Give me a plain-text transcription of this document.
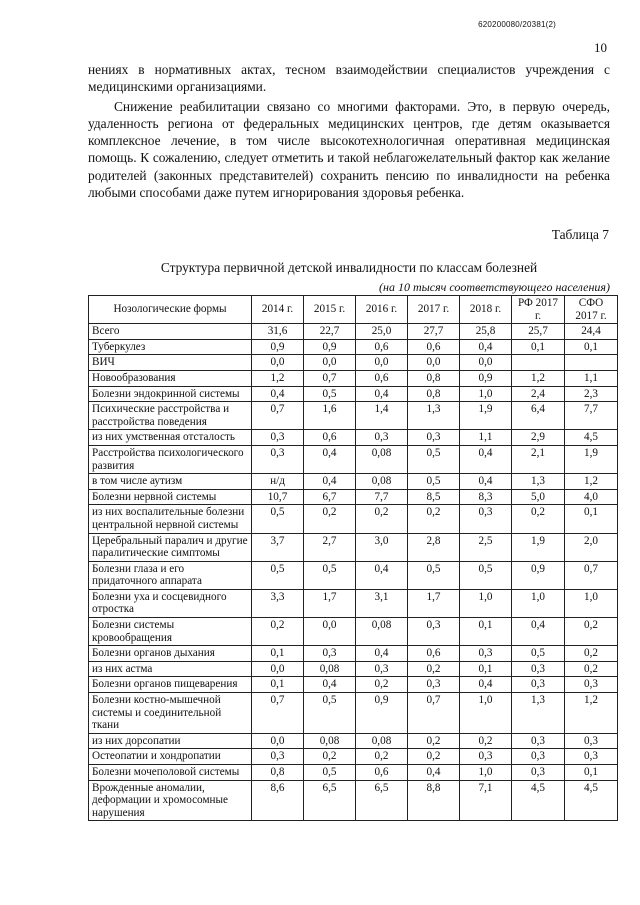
620200080/20381(2)
10

нениях в нормативных актах, тесном взаимодействии специалистов учреждения с медицинскими организациями.

Снижение реабилитации связано со многими факторами. Это, в первую очередь, удаленность региона от федеральных медицинских центров, где детям оказывается комплексное лечение, в том числе высокотехнологичная оперативная медицинская помощь. К сожалению, следует отметить и такой неблагожелательный фактор как желание родителей (законных представителей) сохранить пенсию по инвалидности на ребенка любыми способами даже путем игнорирования здоровья ребенка.

Таблица 7
Структура первичной детской инвалидности по классам болезней
(на 10 тысяч соответствующего населения)
Нозологические формы	2014 г.	2015 г.	2016 г.	2017 г.	2018 г.	РФ 2017 г.	СФО 2017 г.
Всего	31,6	22,7	25,0	27,7	25,8	25,7	24,4
Туберкулез	0,9	0,9	0,6	0,6	0,4	0,1	0,1
ВИЧ	0,0	0,0	0,0	0,0	0,0		
Новообразования	1,2	0,7	0,6	0,8	0,9	1,2	1,1
Болезни эндокринной системы	0,4	0,5	0,4	0,8	1,0	2,4	2,3
Психические расстройства и расстройства поведения	0,7	1,6	1,4	1,3	1,9	6,4	7,7
из них умственная отсталость	0,3	0,6	0,3	0,3	1,1	2,9	4,5
Расстройства психологического развития	0,3	0,4	0,08	0,5	0,4	2,1	1,9
в том числе аутизм	н/д	0,4	0,08	0,5	0,4	1,3	1,2
Болезни нервной системы	10,7	6,7	7,7	8,5	8,3	5,0	4,0
из них воспалительные болезни центральной нервной системы	0,5	0,2	0,2	0,2	0,3	0,2	0,1
Церебральный паралич и другие паралитические симптомы	3,7	2,7	3,0	2,8	2,5	1,9	2,0
Болезни глаза и его придаточного аппарата	0,5	0,5	0,4	0,5	0,5	0,9	0,7
Болезни уха и сосцевидного отростка	3,3	1,7	3,1	1,7	1,0	1,0	1,0
Болезни системы кровообращения	0,2	0,0	0,08	0,3	0,1	0,4	0,2
Болезни органов дыхания	0,1	0,3	0,4	0,6	0,3	0,5	0,2
из них астма	0,0	0,08	0,3	0,2	0,1	0,3	0,2
Болезни органов пищеварения	0,1	0,4	0,2	0,3	0,4	0,3	0,3
Болезни костно-мышечной системы и соединительной ткани	0,7	0,5	0,9	0,7	1,0	1,3	1,2
из них дорсопатии	0,0	0,08	0,08	0,2	0,2	0,3	0,3
Остеопатии и хондропатии	0,3	0,2	0,2	0,2	0,3	0,3	0,3
Болезни мочеполовой системы	0,8	0,5	0,6	0,4	1,0	0,3	0,1
Врожденные аномалии, деформации и хромосомные нарушения	8,6	6,5	6,5	8,8	7,1	4,5	4,5
